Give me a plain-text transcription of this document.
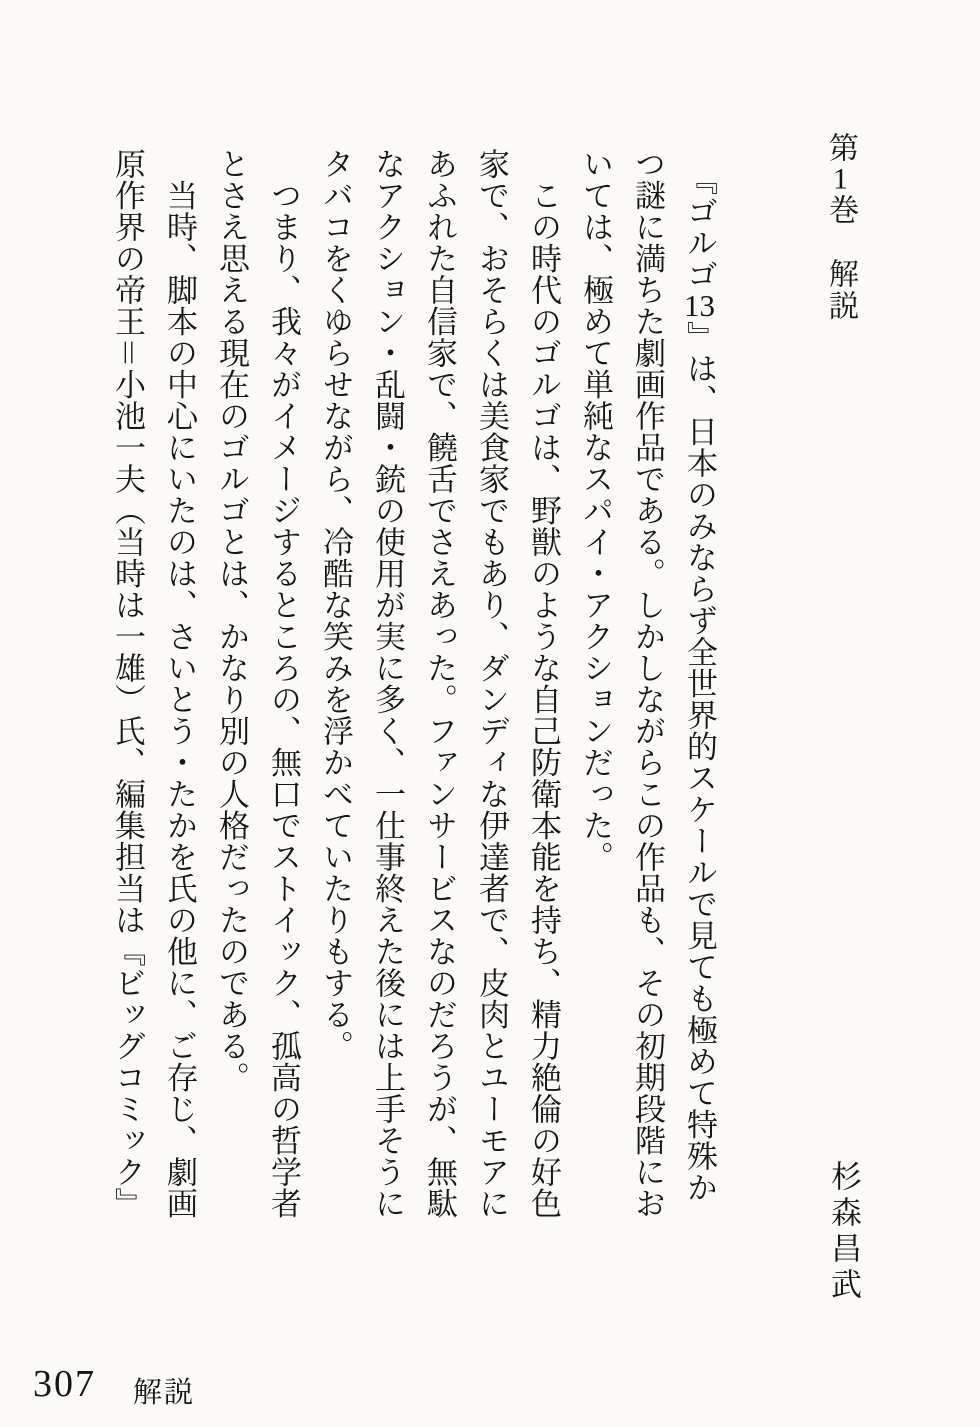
第1巻　解説
杉森昌武
　『ゴルゴ13』は、日本のみならず全世界的スケールで見ても極めて特殊か
つ謎に満ちた劇画作品である。しかしながらこの作品も、その初期段階にお
いては、極めて単純なスパイ・アクションだった。
　この時代のゴルゴは、野獣のような自己防衛本能を持ち、精力絶倫の好色
家で、おそらくは美食家でもあり、ダンディな伊達者で、皮肉とユーモアに
あふれた自信家で、饒舌でさえあった。ファンサービスなのだろうが、無駄
なアクション・乱闘・銃の使用が実に多く、一仕事終えた後には上手そうに
タバコをくゆらせながら、冷酷な笑みを浮かべていたりもする。
　つまり、我々がイメージするところの、無口でストイック、孤高の哲学者
とさえ思える現在のゴルゴとは、かなり別の人格だったのである。
　当時、脚本の中心にいたのは、さいとう・たかを氏の他に、ご存じ、劇画
原作界の帝王＝小池一夫（当時は一雄）氏、編集担当は『ビッグコミック』
307 解説
